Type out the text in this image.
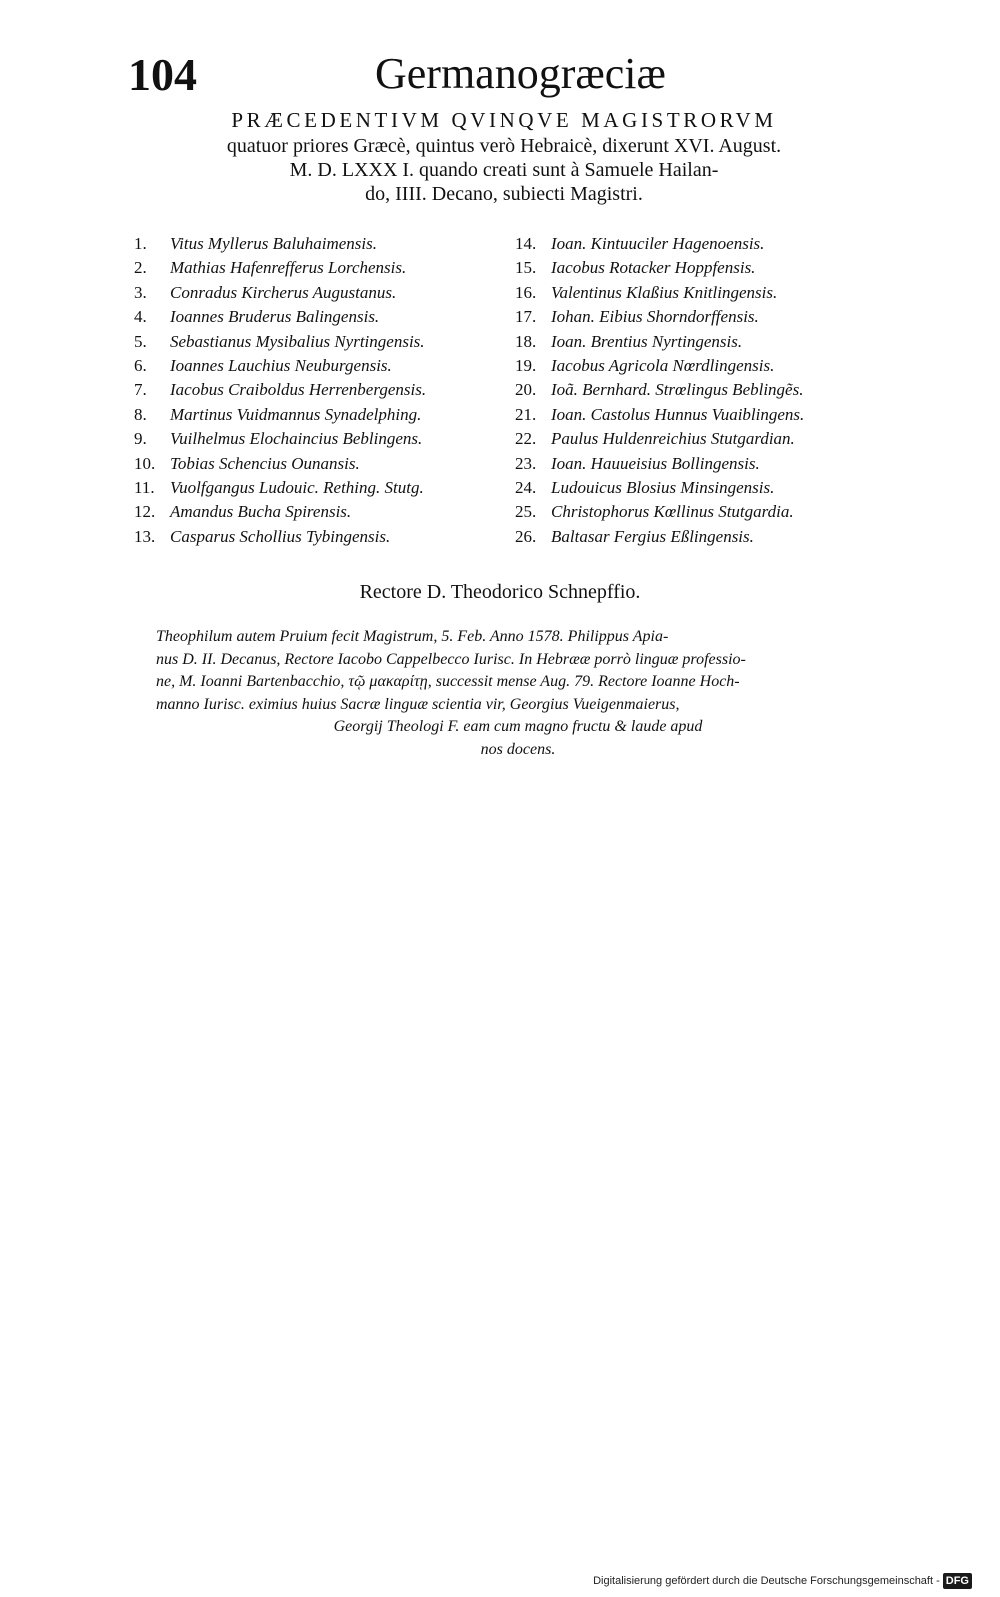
104	Germanogræciæ
PRÆCEDENTIVM QVINQVE MAGISTRORVM
quatuor priores Græcè, quintus verò Hebraicè, dixerunt XVI. August.
M. D. LXXX I. quando creati sunt à Samuele Hailan-
do, IIII. Decano, subiecti Magistri.
1. Vitus Myllerus Baluhaimensis.
2. Mathias Hafenrefferus Lorchensis.
3. Conradus Kircherus Augustanus.
4. Ioannes Bruderus Balingensis.
5. Sebastianus Mysibalius Nyrtingensis.
6. Ioannes Lauchius Neuburgensis.
7. Iacobus Craiboldus Herrenbergensis.
8. Martinus Vuidmannus Synadelphing.
9. Vuilhelmus Elochaincius Beblingens.
10. Tobias Schencius Ounansis.
11. Vuolfgangus Ludouic. Rething. Stutg.
12. Amandus Bucha Spirensis.
13. Casparus Schollius Tybingensis.
14. Ioan. Kintuuciler Hagenoensis.
15. Iacobus Rotacker Hoppfensis.
16. Valentinus Klaßius Knitlingensis.
17. Iohan. Eibius Shorndorffensis.
18. Ioan. Brentius Nyrtingensis.
19. Iacobus Agricola Nœrdlingensis.
20. Ioã. Bernhard. Strœlingus Beblingẽs.
21. Ioan. Castolus Hunnus Vuaiblingens.
22. Paulus Huldenreichius Stutgardian.
23. Ioan. Hauueisius Bollingensis.
24. Ludouicus Blosius Minsingensis.
25. Christophorus Kœllinus Stutgardia.
26. Baltasar Fergius Eßlingensis.
Rectore D. Theodorico Schnepffio.
Theophilum autem Pruium fecit Magistrum, 5. Feb. Anno 1578. Philippus Apia-
nus D. II. Decanus, Rectore Iacobo Cappelbecco Iurisc. In Hebrææ porrò linguæ professio-
ne, M. Ioanni Bartenbacchio, τῷ μακαρίτῃ, successit mense Aug. 79. Rectore Ioanne Hoch-
manno Iurisc. eximius huius Sacræ linguæ scientia vir, Georgius Vueigenmaierus,
Georgij Theologi F. eam cum magno fructu & laude apud
nos docens.
Digitalisierung gefördert durch die Deutsche Forschungsgemeinschaft - DFG
